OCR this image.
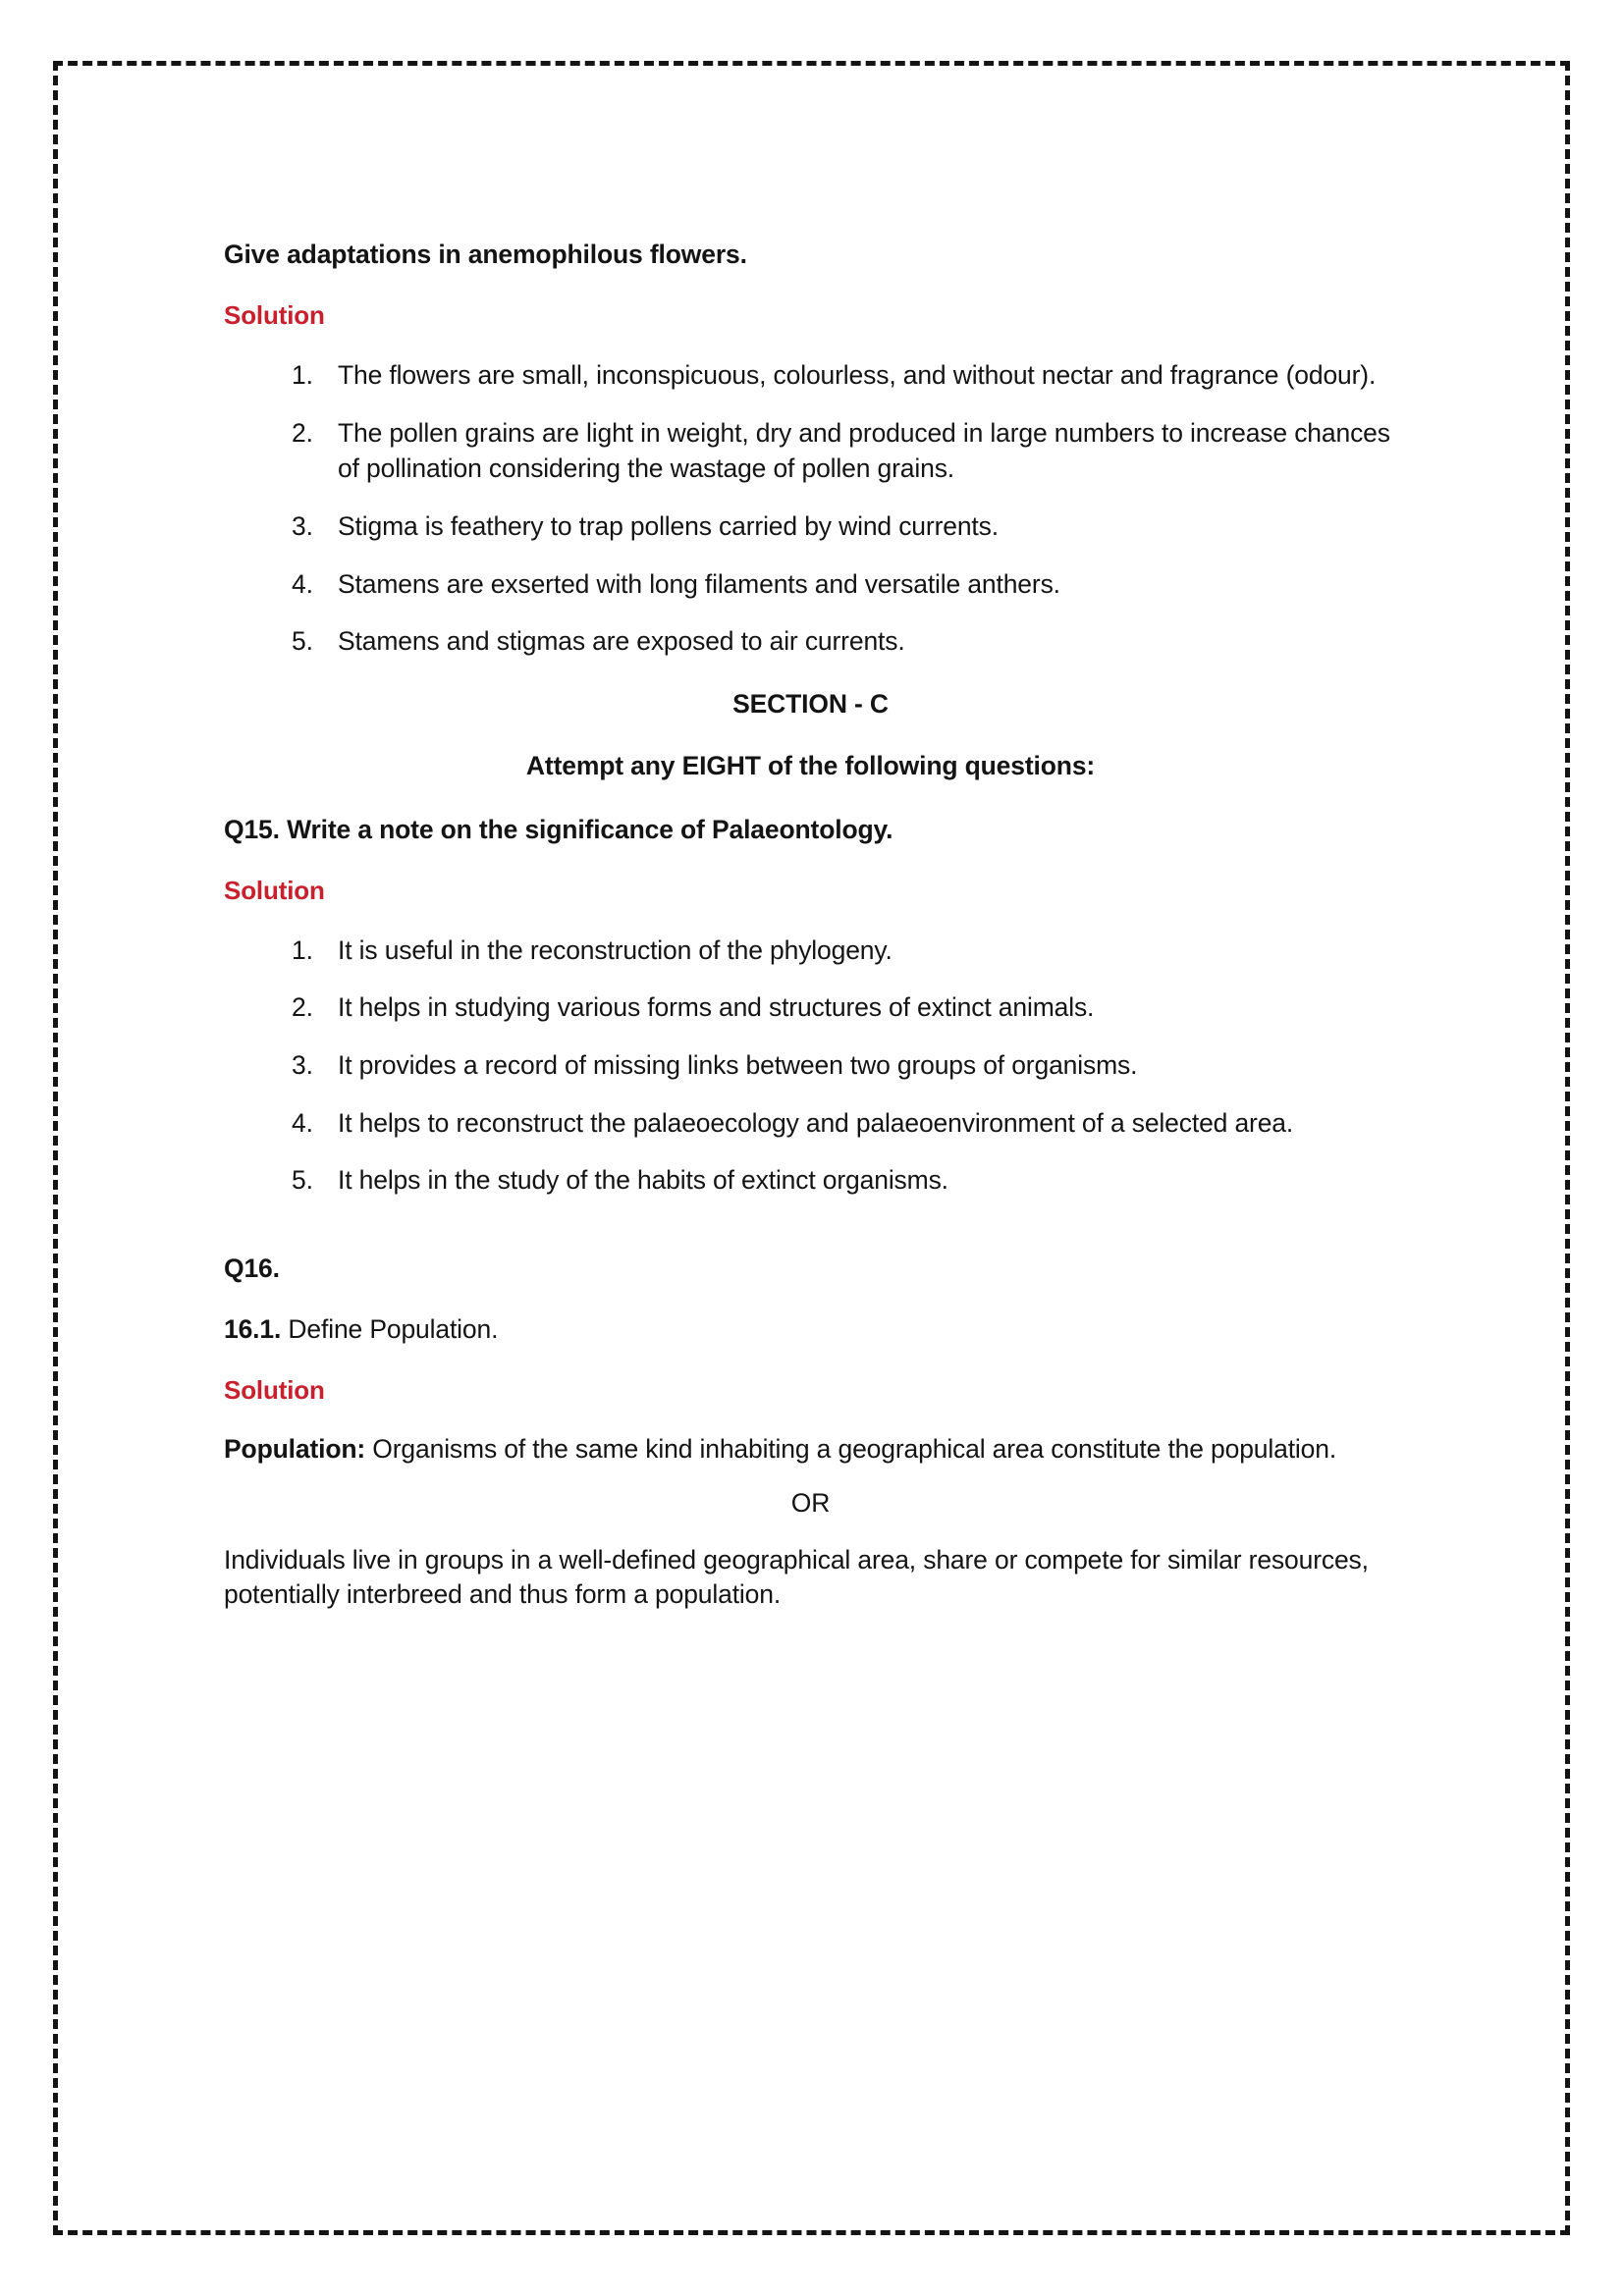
Give adaptations in anemophilous flowers.

Solution

1. The flowers are small, inconspicuous, colourless, and without nectar and fragrance (odour).
2. The pollen grains are light in weight, dry and produced in large numbers to increase chances of pollination considering the wastage of pollen grains.
3. Stigma is feathery to trap pollens carried by wind currents.
4. Stamens are exserted with long filaments and versatile anthers.
5. Stamens and stigmas are exposed to air currents.

SECTION - C

Attempt any EIGHT of the following questions:

Q15. Write a note on the significance of Palaeontology.

Solution

1. It is useful in the reconstruction of the phylogeny.
2. It helps in studying various forms and structures of extinct animals.
3. It provides a record of missing links between two groups of organisms.
4. It helps to reconstruct the palaeoecology and palaeoenvironment of a selected area.
5. It helps in the study of the habits of extinct organisms.

Q16.

16.1. Define Population.

Solution

Population: Organisms of the same kind inhabiting a geographical area constitute the population.

OR

Individuals live in groups in a well-defined geographical area, share or compete for similar resources, potentially interbreed and thus form a population.
